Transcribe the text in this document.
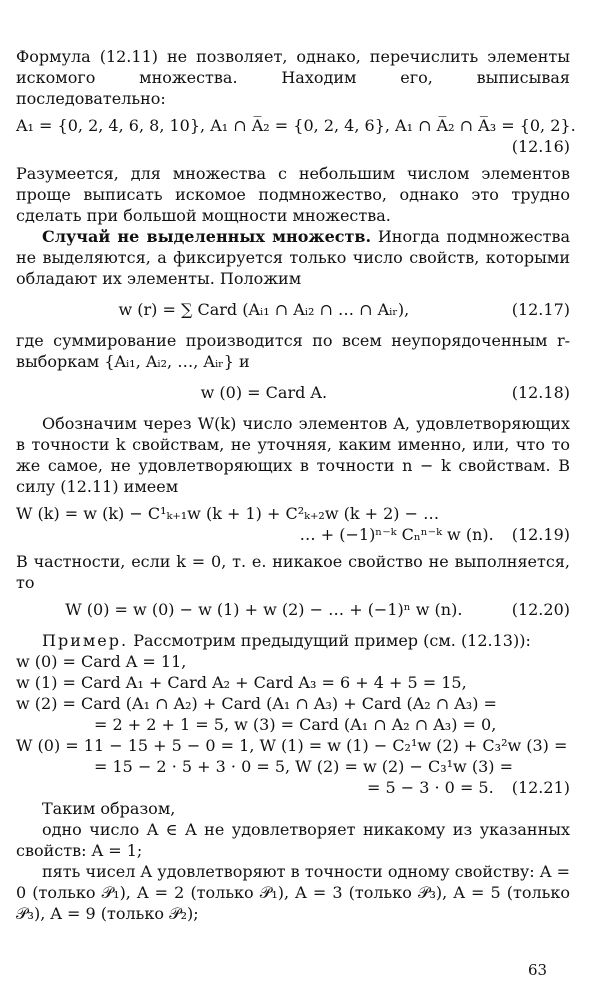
Формула (12.11) не позволяет, однако, перечислить элементы искомого множества. Находим его, выписывая последовательно:

A₁ = {0, 2, 4, 6, 8, 10}, A₁ ∩ A̅₂ = {0, 2, 4, 6}, A₁ ∩ A̅₂ ∩ A̅₃ = {0, 2}.
(12.16)

Разумеется, для множества с небольшим числом элементов проще выписать искомое подмножество, однако это трудно сделать при большой мощности множества.

Случай не выделенных множеств. Иногда подмножества не выделяются, а фиксируется только число свойств, которыми обладают их элементы. Положим

w (r) = ∑ Card (Aᵢ₁ ∩ Aᵢ₂ ∩ … ∩ Aᵢᵣ),	(12.17)

где суммирование производится по всем неупорядоченным r-выборкам {Aᵢ₁, Aᵢ₂, …, Aᵢᵣ} и

w (0) = Card A.	(12.18)

Обозначим через W(k) число элементов A, удовлетворяющих в точности k свойствам, не уточняя, каким именно, или, что то же самое, не удовлетворяющих в точности n − k свойствам. В силу (12.11) имеем

W (k) = w (k) − C¹ₖ₊₁w (k + 1) + C²ₖ₊₂w (k + 2) − …
… + (−1)ⁿ⁻ᵏ Cₙⁿ⁻ᵏ w (n).	(12.19)

В частности, если k = 0, т. е. никакое свойство не выполняется, то

W (0) = w (0) − w (1) + w (2) − … + (−1)ⁿ w (n).	(12.20)

Пример. Рассмотрим предыдущий пример (см. (12.13)):

w (0) = Card A = 11,
w (1) = Card A₁ + Card A₂ + Card A₃ = 6 + 4 + 5 = 15,
w (2) = Card (A₁ ∩ A₂) + Card (A₁ ∩ A₃) + Card (A₂ ∩ A₃) =
= 2 + 2 + 1 = 5, w (3) = Card (A₁ ∩ A₂ ∩ A₃) = 0,
W (0) = 11 − 15 + 5 − 0 = 1, W (1) = w (1) − C₂¹w (2) + C₃²w (3) =
= 15 − 2 · 5 + 3 · 0 = 5, W (2) = w (2) − C₃¹w (3) =
= 5 − 3 · 0 = 5.	(12.21)

Таким образом,

одно число A ∈ A не удовлетворяет никакому из указанных свойств: A = 1;

пять чисел A удовлетворяют в точности одному свойству: A = 0 (только 𝒫₁), A = 2 (только 𝒫₁), A = 3 (только 𝒫₃), A = 5 (только 𝒫₃), A = 9 (только 𝒫₂);

63
